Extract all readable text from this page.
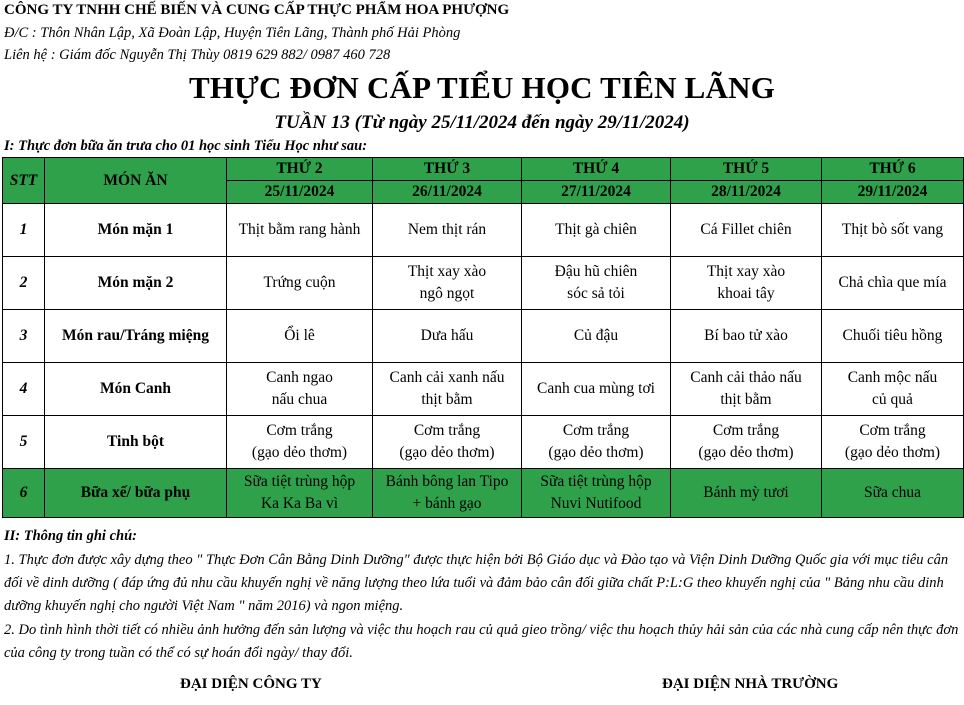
CÔNG TY TNHH CHẾ BIẾN VÀ CUNG CẤP THỰC PHẨM HOA PHƯỢNG
Đ/C : Thôn Nhân Lập, Xã Đoàn Lập, Huyện Tiên Lãng, Thành phố Hải Phòng
Liên hệ : Giám đốc Nguyễn Thị Thùy 0819 629 882/ 0987 460 728
THỰC ĐƠN CẤP TIỂU HỌC TIÊN LÃNG
TUẦN 13 (Từ ngày 25/11/2024 đến ngày 29/11/2024)
I: Thực đơn bữa ăn trưa cho 01 học sinh Tiểu Học như sau:
STT	MÓN ĂN	THỨ 2	THỨ 3	THỨ 4	THỨ 5	THỨ 6
		25/11/2024	26/11/2024	27/11/2024	28/11/2024	29/11/2024
1	Món mặn 1	Thịt bằm rang hành	Nem thịt rán	Thịt gà chiên	Cá Fillet chiên	Thịt bò sốt vang

2	Món mặn 2	Trứng cuộn	Thịt xay xào
ngô ngọt	Đậu hũ chiên
sóc sả tỏi	Thịt xay xào
khoai tây	Chả chìa que mía

3	Món rau/Tráng miệng	Ổi lê	Dưa hấu	Củ đậu	Bí bao tử xào	Chuối tiêu hồng

4	Món Canh	Canh ngao
nấu chua	Canh cải xanh nấu
thịt bằm	Canh cua mùng tơi	Canh cải thảo nấu
thịt bằm	Canh mộc nấu
củ quả

5	Tinh bột	Cơm trắng
(gạo dẻo thơm)	Cơm trắng
(gạo dẻo thơm)	Cơm trắng
(gạo dẻo thơm)	Cơm trắng
(gạo dẻo thơm)	Cơm trắng
(gạo dẻo thơm)

6	Bữa xế/ bữa phụ	Sữa tiệt trùng hộp
Ka Ka Ba vì	Bánh bông lan Tipo
+ bánh gạo	Sữa tiệt trùng hộp
Nuvi Nutifood	Bánh mỳ tươi	Sữa chua
II: Thông tin ghi chú:
1. Thực đơn được xây dựng theo " Thực Đơn Cân Bằng Dinh Dưỡng" được thực hiện bởi Bộ Giáo dục và Đào tạo và Viện Dinh Dưỡng Quốc gia với mục tiêu cân đối về dinh dưỡng ( đáp ứng đủ nhu cầu khuyến nghị về năng lượng theo lứa tuổi và đảm bảo cân đối giữa chất P:L:G theo khuyến nghị của " Bảng nhu cầu dinh dưỡng khuyến nghị cho người Việt Nam " năm 2016) và ngon miệng.
2. Do tình hình thời tiết có nhiều ảnh hưởng đến sản lượng và việc thu hoạch rau củ quả gieo trồng/ việc thu hoạch thủy hải sản của các nhà cung cấp nên thực đơn của công ty trong tuần có thể có sự hoán đổi ngày/ thay đổi.
ĐẠI DIỆN CÔNG TY	ĐẠI DIỆN NHÀ TRƯỜNG
